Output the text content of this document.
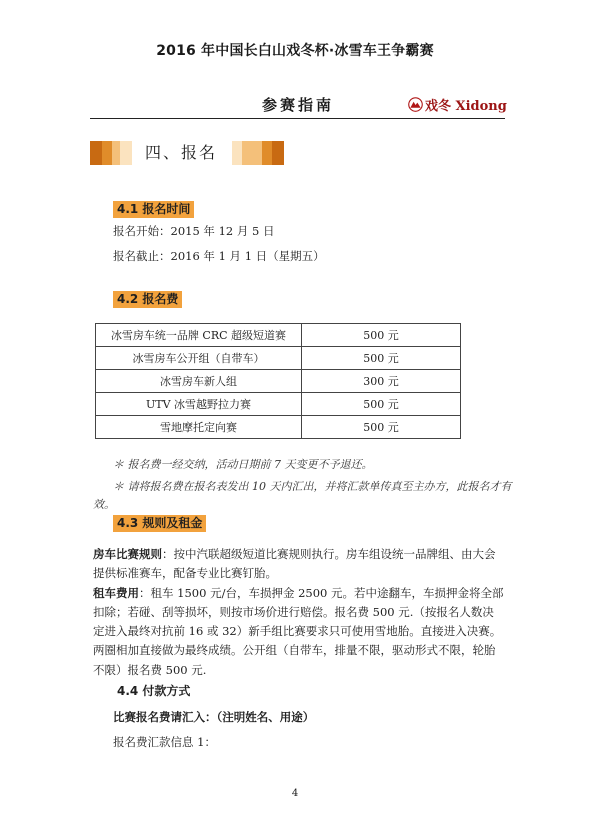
2016 年中国长白山戏冬杯·冰雪车王争霸赛
参赛指南	戏冬 Xidong
四、报名
4.1 报名时间
报名开始：2015 年 12 月 5 日
报名截止：2016 年 1 月 1 日（星期五）
4.2 报名费
冰雪房车统一品牌 CRC 超级短道赛	500 元
冰雪房车公开组（自带车）	500 元
冰雪房车新人组	300 元
UTV 冰雪越野拉力赛	500 元
雪地摩托定向赛	500 元
＊ 报名费一经交纳，活动日期前 7 天变更不予退还。
＊ 请将报名费在报名表发出 10 天内汇出，并将汇款单传真至主办方，此报名才有
效。
4.3 规则及租金
房车比赛规则：按中汽联超级短道比赛规则执行。房车组设统一品牌组、由大会
提供标准赛车，配备专业比赛钉胎。
租车费用：租车 1500 元/台，车损押金 2500 元。若中途翻车，车损押金将全部
扣除；若碰、刮等损坏，则按市场价进行赔偿。报名费 500 元.（按报名人数决
定进入最终对抗前 16 或 32）新手组比赛要求只可使用雪地胎。直接进入决赛。
两圈相加直接做为最终成绩。公开组（自带车，排量不限，驱动形式不限，轮胎
不限）报名费 500 元.
4.4 付款方式
比赛报名费请汇入：（注明姓名、用途）
报名费汇款信息 1：
4
